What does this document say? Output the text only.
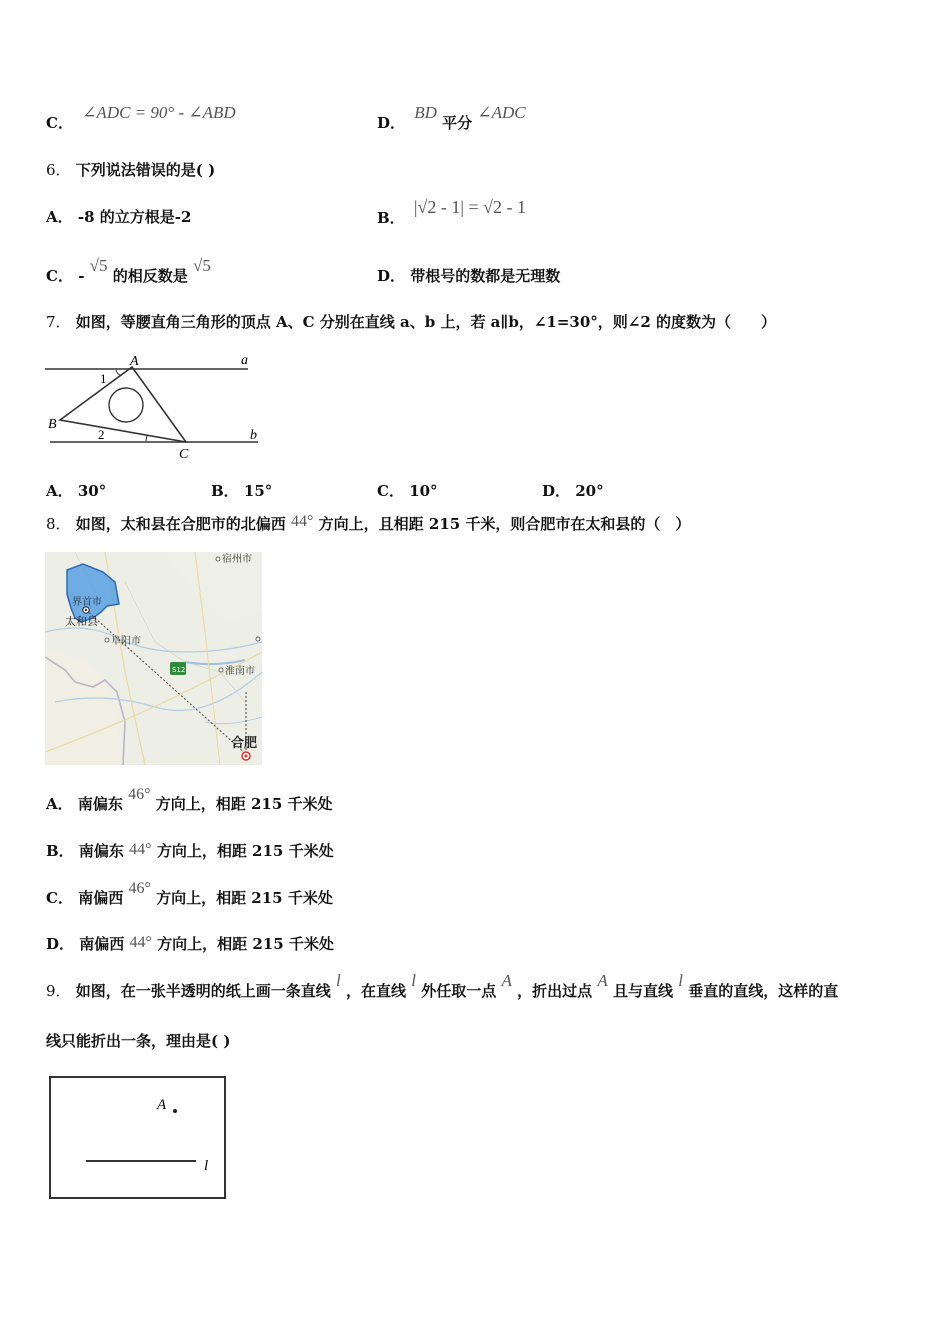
C． ∠ADC = 90° - ∠ABD
D． BD 平分 ∠ADC
6． 下列说法错误的是( )
A． -8 的立方根是-2	B． |√2 - 1| = √2 - 1
C． - √5 的相反数是 √5
D． 带根号的数都是无理数
7． 如图，等腰直角三角形的顶点 A、C 分别在直线 a、b 上，若 a∥b，∠1=30°，则∠2 的度数为（　　）
A	a
1
B
2	b
C
A． 30°	B． 15°	C． 10°	D． 20°
8． 如图，太和县在合肥市的北偏西 44° 方向上，且相距 215 千米，则合肥市在太和县的（　）
S12
宿州市
界首市
太和县
阜阳市
淮南市
合肥
A． 南偏东 46° 方向上，相距 215 千米处
B． 南偏东 44° 方向上，相距 215 千米处
C． 南偏西 46° 方向上，相距 215 千米处
D． 南偏西 44° 方向上，相距 215 千米处
9． 如图，在一张半透明的纸上画一条直线 l ，在直线 l 外任取一点 A ，折出过点 A 且与直线 l 垂直的直线，这样的直
线只能折出一条，理由是( )
A
l
